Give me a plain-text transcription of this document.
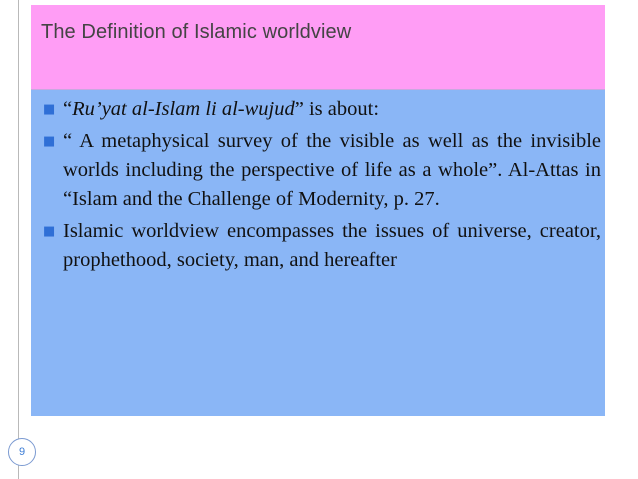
The Definition of Islamic worldview
■ “Ru’yat al-Islam li al-wujud” is about:
■ “ A metaphysical survey of the visible as well as the invisible worlds including the perspective of life as a whole”. Al-Attas in “Islam and the Challenge of Modernity, p. 27.
■ Islamic worldview encompasses the issues of universe, creator, prophethood, society, man, and hereafter
9
